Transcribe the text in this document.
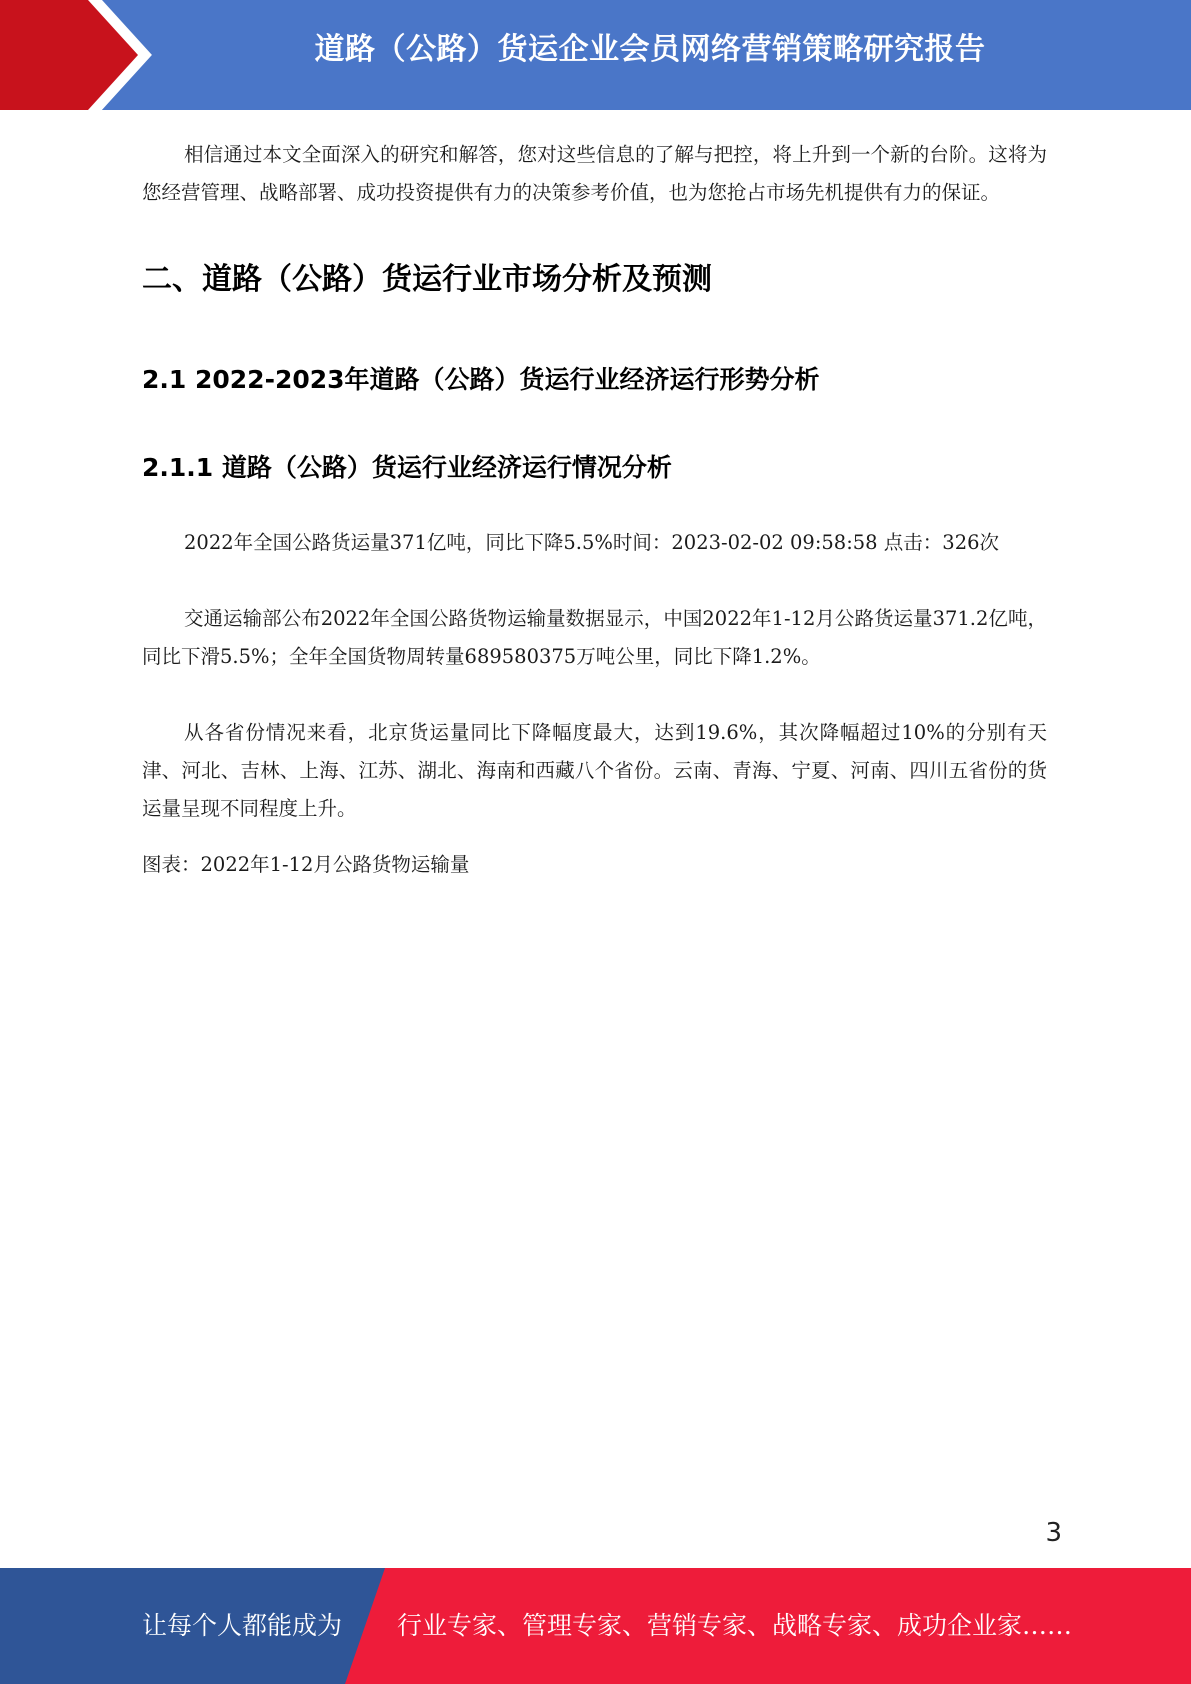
道路（公路）货运企业会员网络营销策略研究报告

相信通过本文全面深入的研究和解答，您对这些信息的了解与把控，将上升到一个新的台阶。这将为您经营管理、战略部署、成功投资提供有力的决策参考价值，也为您抢占市场先机提供有力的保证。

二、道路（公路）货运行业市场分析及预测
2.1 2022-2023年道路（公路）货运行业经济运行形势分析
2.1.1 道路（公路）货运行业经济运行情况分析

2022年全国公路货运量371亿吨，同比下降5.5%时间：2023-02-02 09:58:58 点击：326次

交通运输部公布2022年全国公路货物运输量数据显示，中国2022年1-12月公路货运量371.2亿吨，同比下滑5.5%；全年全国货物周转量689580375万吨公里，同比下降1.2%。

从各省份情况来看，北京货运量同比下降幅度最大，达到19.6%，其次降幅超过10%的分别有天津、河北、吉林、上海、江苏、湖北、海南和西藏八个省份。云南、青海、宁夏、河南、四川五省份的货运量呈现不同程度上升。

图表：2022年1-12月公路货物运输量

3
让每个人都能成为 行业专家、管理专家、营销专家、战略专家、成功企业家……
